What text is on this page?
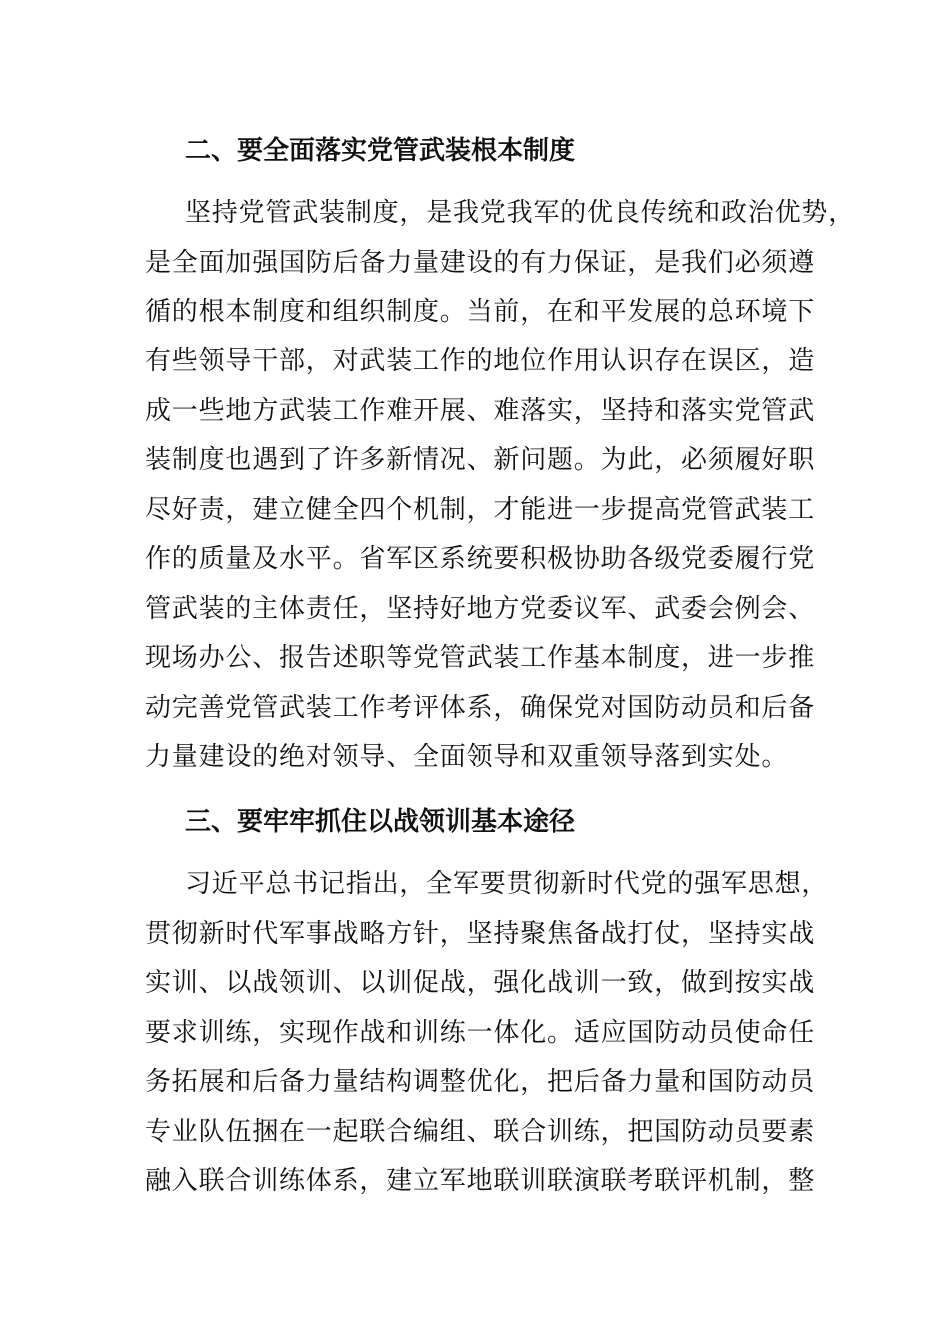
二、要全面落实党管武装根本制度
坚持党管武装制度，是我党我军的优良传统和政治优势，
是全面加强国防后备力量建设的有力保证，是我们必须遵
循的根本制度和组织制度。当前，在和平发展的总环境下
有些领导干部，对武装工作的地位作用认识存在误区，造
成一些地方武装工作难开展、难落实，坚持和落实党管武
装制度也遇到了许多新情况、新问题。为此，必须履好职
尽好责，建立健全四个机制，才能进一步提高党管武装工
作的质量及水平。省军区系统要积极协助各级党委履行党
管武装的主体责任，坚持好地方党委议军、武委会例会、
现场办公、报告述职等党管武装工作基本制度，进一步推
动完善党管武装工作考评体系，确保党对国防动员和后备
力量建设的绝对领导、全面领导和双重领导落到实处。
三、要牢牢抓住以战领训基本途径
习近平总书记指出，全军要贯彻新时代党的强军思想，
贯彻新时代军事战略方针，坚持聚焦备战打仗，坚持实战
实训、以战领训、以训促战，强化战训一致，做到按实战
要求训练，实现作战和训练一体化。适应国防动员使命任
务拓展和后备力量结构调整优化，把后备力量和国防动员
专业队伍捆在一起联合编组、联合训练，把国防动员要素
融入联合训练体系，建立军地联训联演联考联评机制，整
